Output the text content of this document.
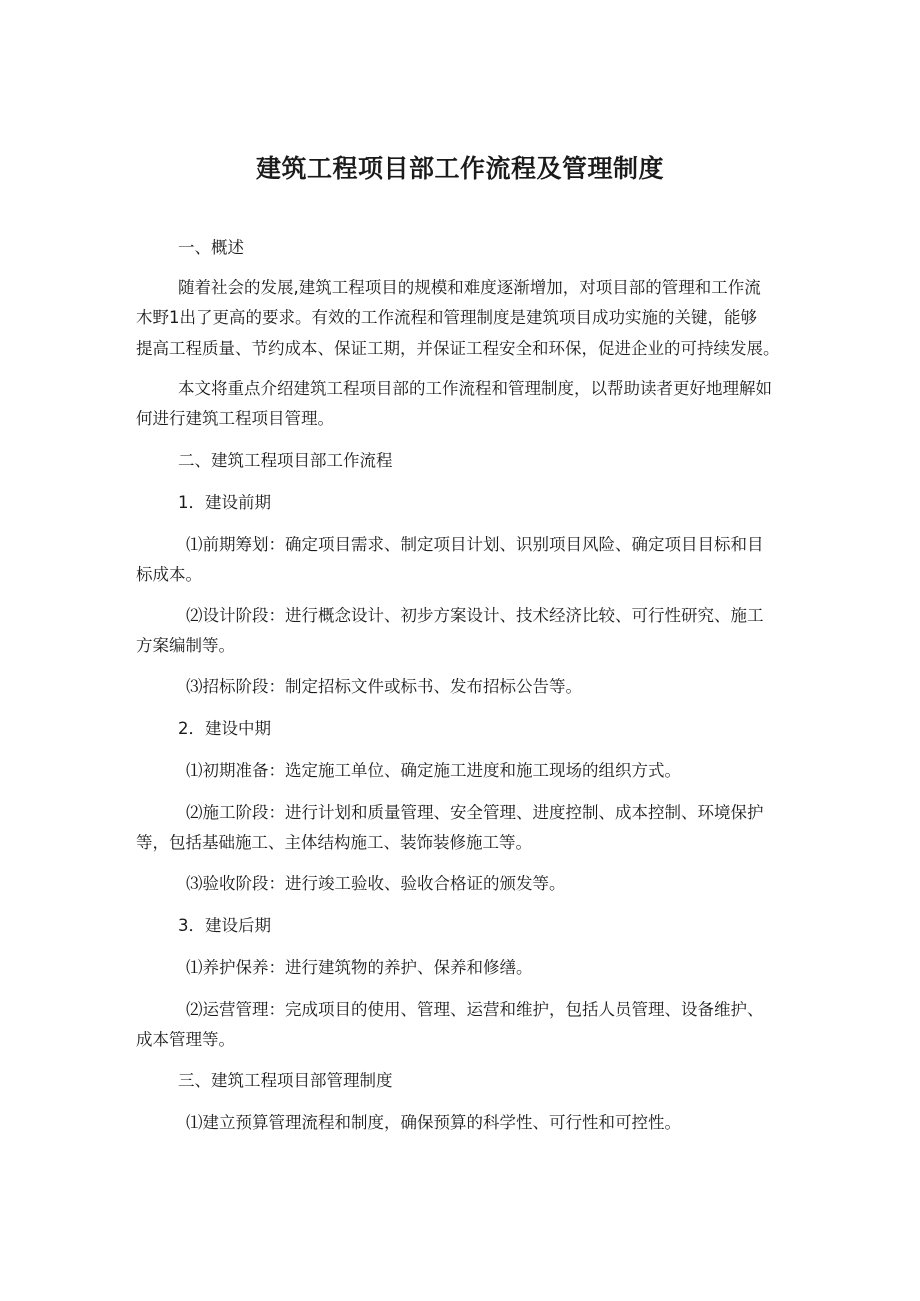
建筑工程项目部工作流程及管理制度

一、概述

随着社会的发展,建筑工程项目的规模和难度逐渐增加，对项目部的管理和工作流

木野1出了更高的要求。有效的工作流程和管理制度是建筑项目成功实施的关键，能够

提高工程质量、节约成本、保证工期，并保证工程安全和环保，促进企业的可持续发展。

本文将重点介绍建筑工程项目部的工作流程和管理制度，以帮助读者更好地理解如

何进行建筑工程项目管理。

二、建筑工程项目部工作流程

1．建设前期

⑴前期筹划：确定项目需求、制定项目计划、识别项目风险、确定项目目标和目

标成本。

⑵设计阶段：进行概念设计、初步方案设计、技术经济比较、可行性研究、施工

方案编制等。

⑶招标阶段：制定招标文件或标书、发布招标公告等。

2．建设中期

⑴初期准备：选定施工单位、确定施工进度和施工现场的组织方式。

⑵施工阶段：进行计划和质量管理、安全管理、进度控制、成本控制、环境保护

等，包括基础施工、主体结构施工、装饰装修施工等。

⑶验收阶段：进行竣工验收、验收合格证的颁发等。

3．建设后期

⑴养护保养：进行建筑物的养护、保养和修缮。

⑵运营管理：完成项目的使用、管理、运营和维护，包括人员管理、设备维护、

成本管理等。

三、建筑工程项目部管理制度

⑴建立预算管理流程和制度，确保预算的科学性、可行性和可控性。
